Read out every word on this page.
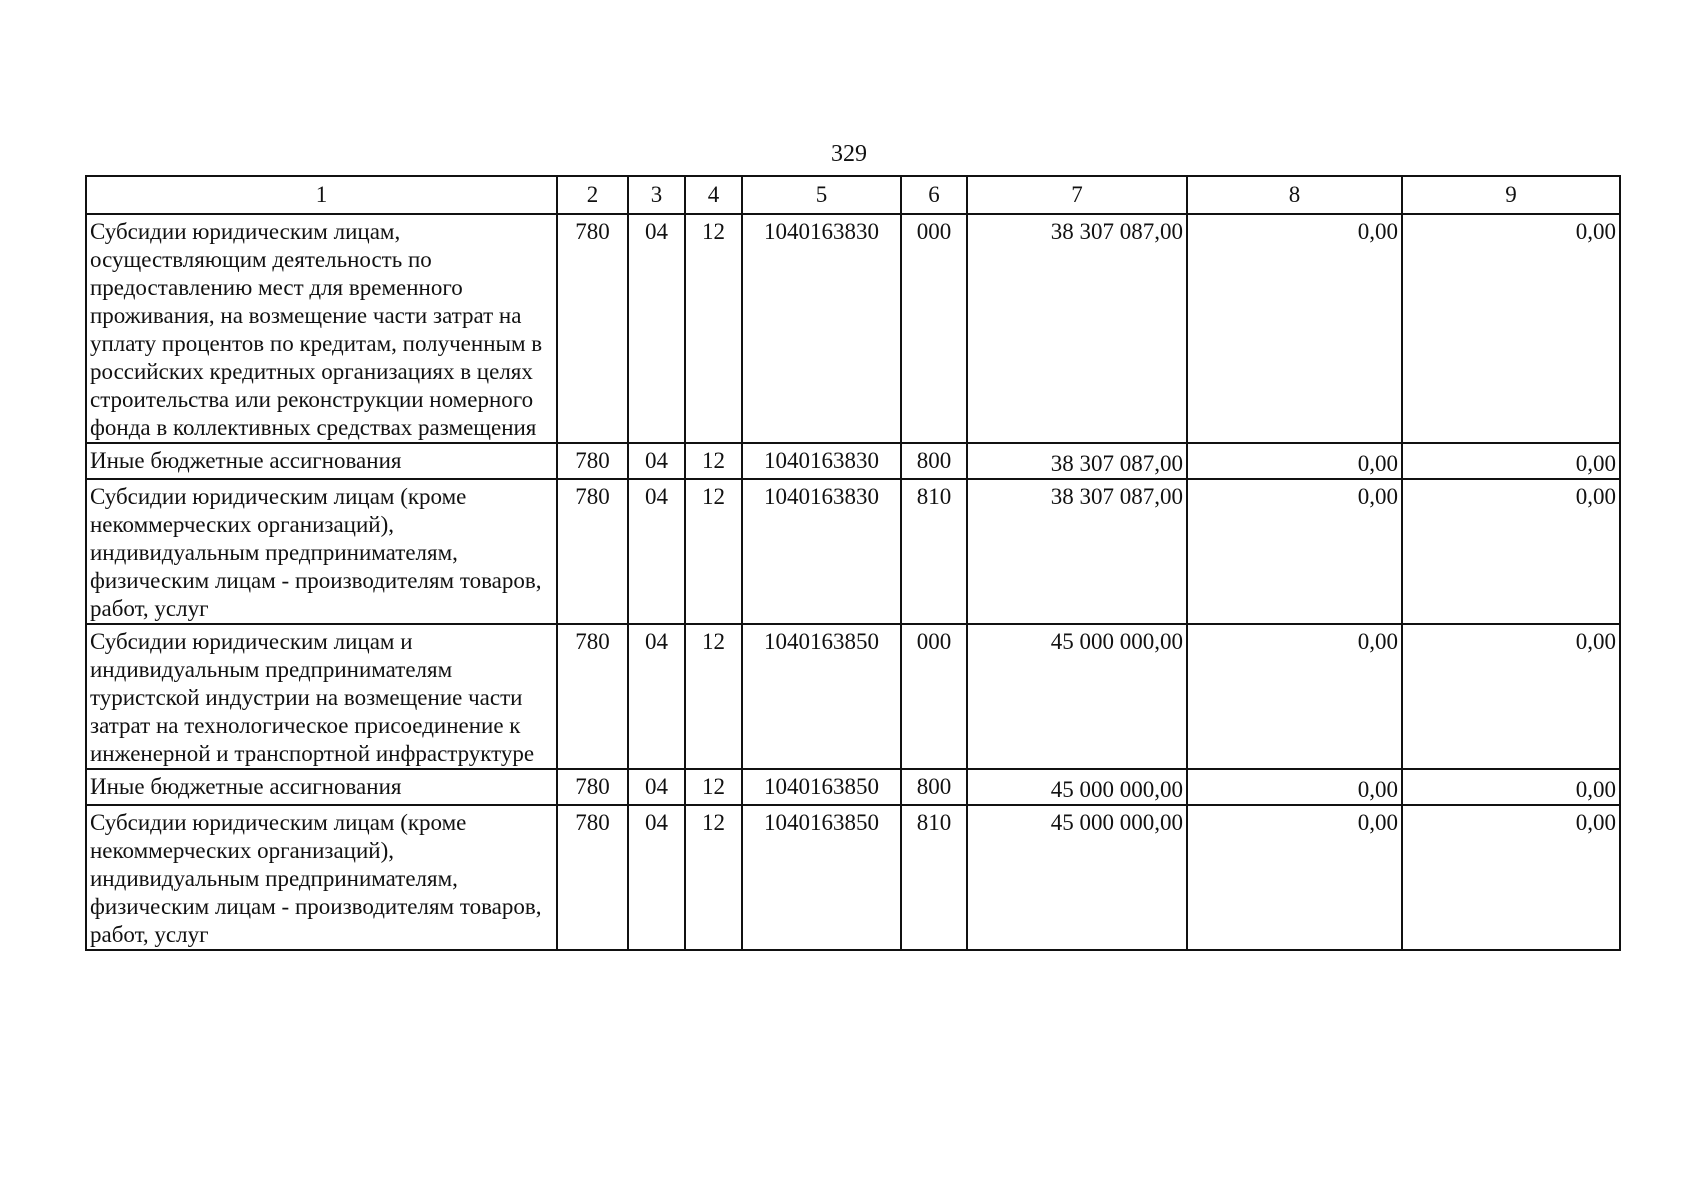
329
1	2	3	4	5	6	7	8	9
Субсидии юридическим лицам, осуществляющим деятельность по предоставлению мест для временного проживания, на возмещение части затрат на уплату процентов по кредитам, полученным в российских кредитных организациях в целях строительства или реконструкции номерного фонда в коллективных средствах размещения	780	04	12	1040163830	000	38 307 087,00	0,00	0,00
Иные бюджетные ассигнования	780	04	12	1040163830	800	38 307 087,00	0,00	0,00
Субсидии юридическим лицам (кроме некоммерческих организаций), индивидуальным предпринимателям, физическим лицам - производителям товаров, работ, услуг	780	04	12	1040163830	810	38 307 087,00	0,00	0,00
Субсидии юридическим лицам и индивидуальным предпринимателям туристской индустрии на возмещение части затрат на технологическое присоединение к инженерной и транспортной инфраструктуре	780	04	12	1040163850	000	45 000 000,00	0,00	0,00
Иные бюджетные ассигнования	780	04	12	1040163850	800	45 000 000,00	0,00	0,00
Субсидии юридическим лицам (кроме некоммерческих организаций), индивидуальным предпринимателям, физическим лицам - производителям товаров, работ, услуг	780	04	12	1040163850	810	45 000 000,00	0,00	0,00
